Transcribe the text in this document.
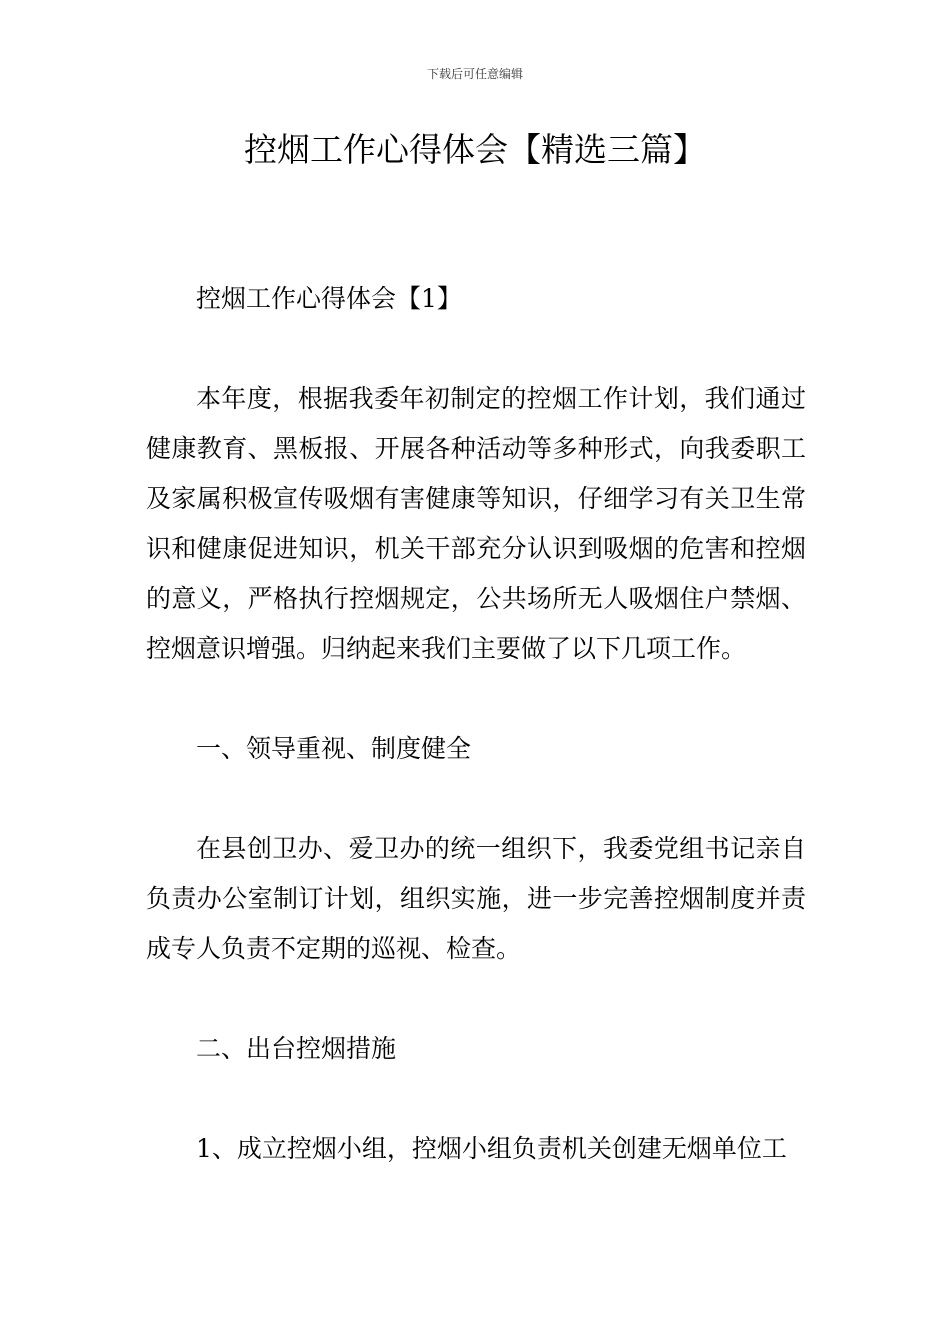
下载后可任意编辑
控烟工作心得体会【精选三篇】

控烟工作心得体会【1】

本年度，根据我委年初制定的控烟工作计划，我们通过健康教育、黑板报、开展各种活动等多种形式，向我委职工及家属积极宣传吸烟有害健康等知识，仔细学习有关卫生常识和健康促进知识，机关干部充分认识到吸烟的危害和控烟的意义，严格执行控烟规定，公共场所无人吸烟住户禁烟、控烟意识增强。归纳起来我们主要做了以下几项工作。

一、领导重视、制度健全

在县创卫办、爱卫办的统一组织下，我委党组书记亲自负责办公室制订计划，组织实施，进一步完善控烟制度并责成专人负责不定期的巡视、检查。

二、出台控烟措施

1、成立控烟小组，控烟小组负责机关创建无烟单位工
